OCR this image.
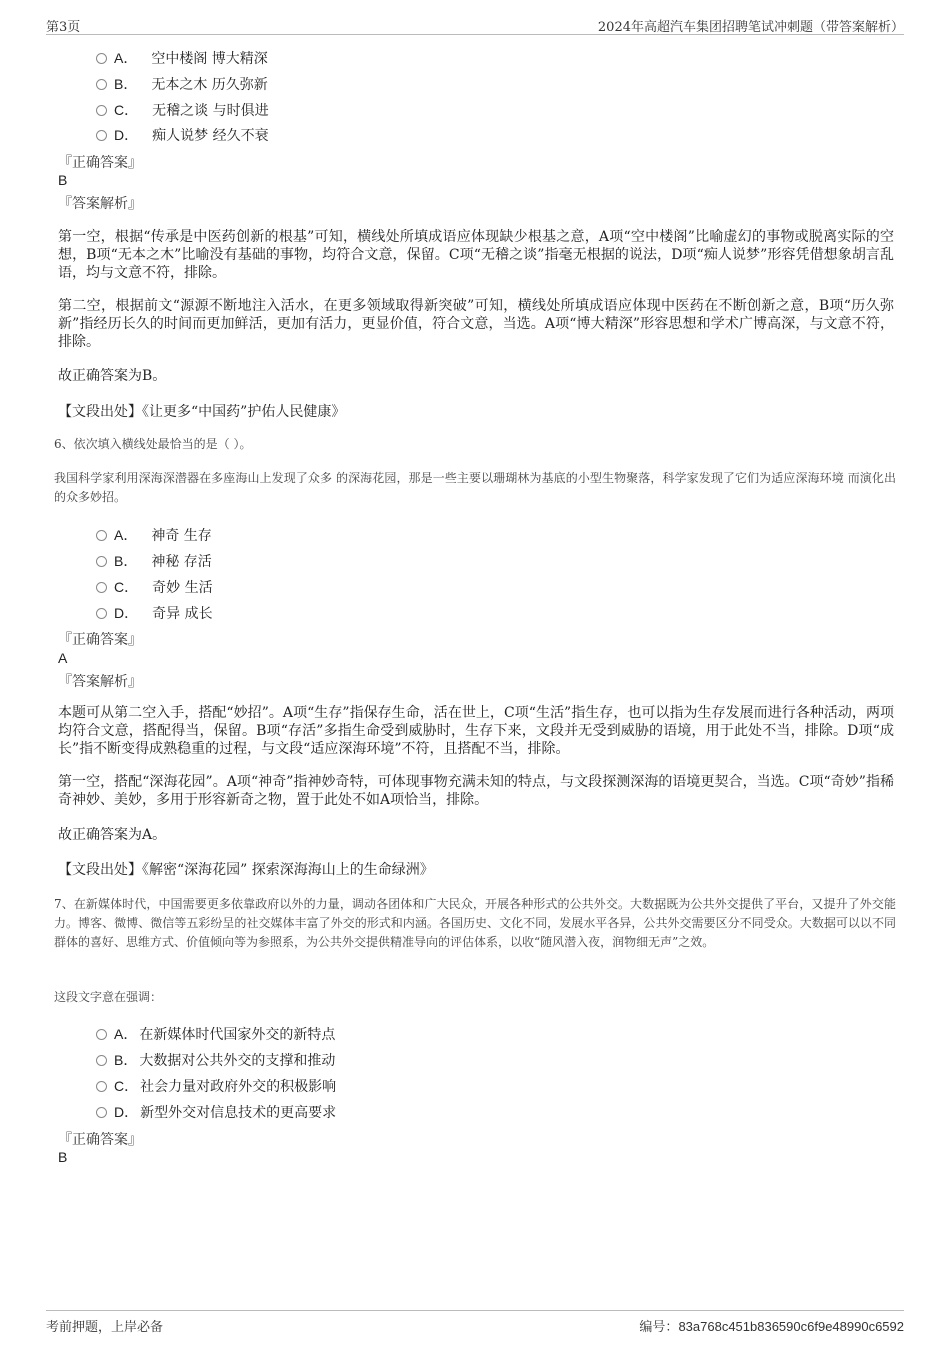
第3页	2024年高超汽车集团招聘笔试冲刺题（带答案解析）
A． 空中楼阁 博大精深
B． 无本之木 历久弥新
C． 无稽之谈 与时俱进
D． 痴人说梦 经久不衰
『正确答案』
B
『答案解析』
第一空，根据“传承是中医药创新的根基”可知，横线处所填成语应体现缺少根基之意，A项“空中楼阁”比喻虚幻的事物或脱离实际的空想，B项“无本之木”比喻没有基础的事物，均符合文意，保留。C项“无稽之谈”指毫无根据的说法，D项“痴人说梦”形容凭借想象胡言乱语，均与文意不符，排除。
第二空，根据前文“源源不断地注入活水，在更多领域取得新突破”可知，横线处所填成语应体现中医药在不断创新之意，B项“历久弥新”指经历长久的时间而更加鲜活，更加有活力，更显价值，符合文意，当选。A项“博大精深”形容思想和学术广博高深，与文意不符，排除。
故正确答案为B。
【文段出处】《让更多“中国药”护佑人民健康》
6、依次填入横线处最恰当的是（ ）。
我国科学家利用深海深潜器在多座海山上发现了众多 的深海花园，那是一些主要以珊瑚林为基底的小型生物聚落，科学家发现了它们为适应深海环境 而演化出的众多妙招。
A． 神奇 生存
B． 神秘 存活
C． 奇妙 生活
D． 奇异 成长
『正确答案』
A
『答案解析』
本题可从第二空入手，搭配“妙招”。A项“生存”指保存生命，活在世上，C项“生活”指生存，也可以指为生存发展而进行各种活动，两项均符合文意，搭配得当，保留。B项“存活”多指生命受到威胁时，生存下来，文段并无受到威胁的语境，用于此处不当，排除。D项“成长”指不断变得成熟稳重的过程，与文段“适应深海环境”不符，且搭配不当，排除。
第一空，搭配“深海花园”。A项“神奇”指神妙奇特，可体现事物充满未知的特点，与文段探测深海的语境更契合，当选。C项“奇妙”指稀奇神妙、美妙，多用于形容新奇之物，置于此处不如A项恰当，排除。
故正确答案为A。
【文段出处】《解密“深海花园” 探索深海海山上的生命绿洲》
7、在新媒体时代，中国需要更多依靠政府以外的力量，调动各团体和广大民众，开展各种形式的公共外交。大数据既为公共外交提供了平台，又提升了外交能力。博客、微博、微信等五彩纷呈的社交媒体丰富了外交的形式和内涵。各国历史、文化不同，发展水平各异，公共外交需要区分不同受众。大数据可以以不同群体的喜好、思维方式、价值倾向等为参照系，为公共外交提供精准导向的评估体系，以收“随风潜入夜，润物细无声”之效。
这段文字意在强调：
A． 在新媒体时代国家外交的新特点
B． 大数据对公共外交的支撑和推动
C． 社会力量对政府外交的积极影响
D． 新型外交对信息技术的更高要求
『正确答案』
B
考前押题，上岸必备	编号：83a768c451b836590c6f9e48990c6592
